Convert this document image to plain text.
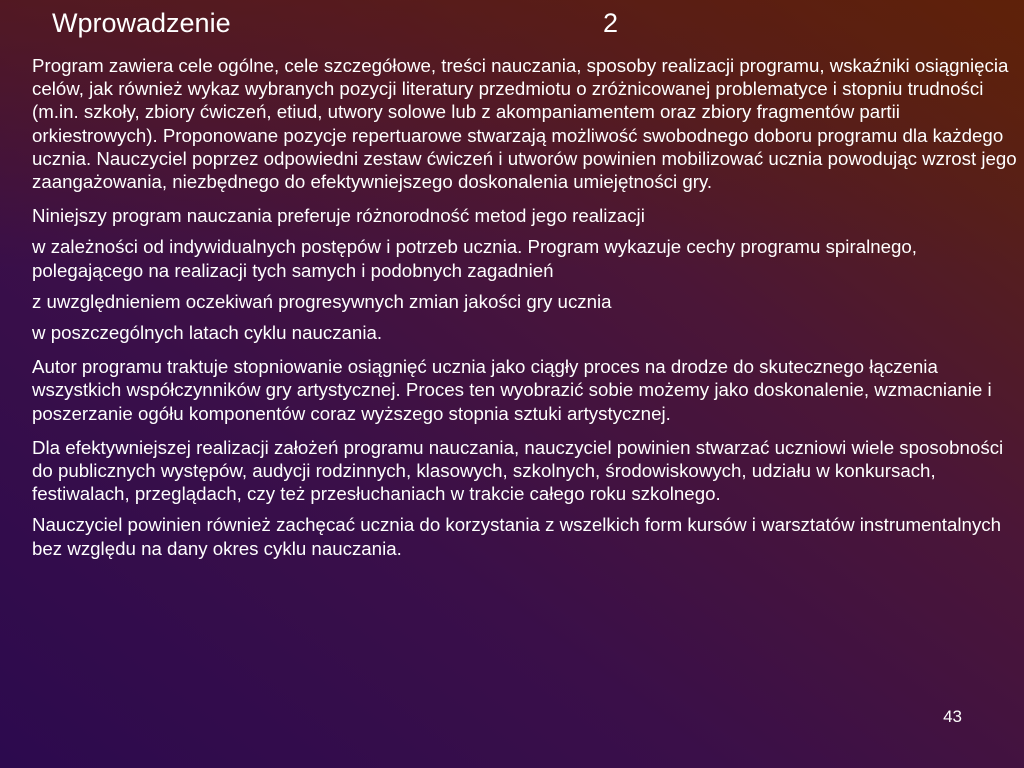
Wprowadzenie	2

Program zawiera cele ogólne, cele szczegółowe, treści nauczania, sposoby realizacji programu, wskaźniki osiągnięcia celów, jak również wykaz wybranych pozycji literatury przedmiotu o zróżnicowanej problematyce i stopniu trudności (m.in. szkoły, zbiory ćwiczeń, etiud, utwory solowe lub z akompaniamentem oraz zbiory fragmentów partii orkiestrowych). Proponowane pozycje repertuarowe stwarzają możliwość swobodnego doboru programu dla każdego ucznia. Nauczyciel poprzez odpowiedni zestaw ćwiczeń i utworów powinien mobilizować ucznia powodując wzrost jego zaangażowania, niezbędnego do efektywniejszego doskonalenia umiejętności gry.

Niniejszy program nauczania preferuje różnorodność metod jego realizacji

w zależności od indywidualnych postępów i potrzeb ucznia. Program wykazuje cechy programu spiralnego, polegającego na realizacji tych samych i podobnych zagadnień

z uwzględnieniem oczekiwań progresywnych zmian jakości gry ucznia

w poszczególnych latach cyklu nauczania.

Autor programu traktuje stopniowanie osiągnięć ucznia jako ciągły proces na drodze do skutecznego łączenia wszystkich współczynników gry artystycznej. Proces ten wyobrazić sobie możemy jako doskonalenie, wzmacnianie i poszerzanie ogółu komponentów coraz wyższego stopnia sztuki artystycznej.

Dla efektywniejszej realizacji założeń programu nauczania, nauczyciel powinien stwarzać uczniowi wiele sposobności do publicznych występów, audycji rodzinnych, klasowych, szkolnych, środowiskowych, udziału w konkursach, festiwalach, przeglądach, czy też przesłuchaniach w trakcie całego roku szkolnego.

Nauczyciel powinien również zachęcać ucznia do korzystania z wszelkich form kursów i warsztatów instrumentalnych bez względu na dany okres cyklu nauczania.

43
